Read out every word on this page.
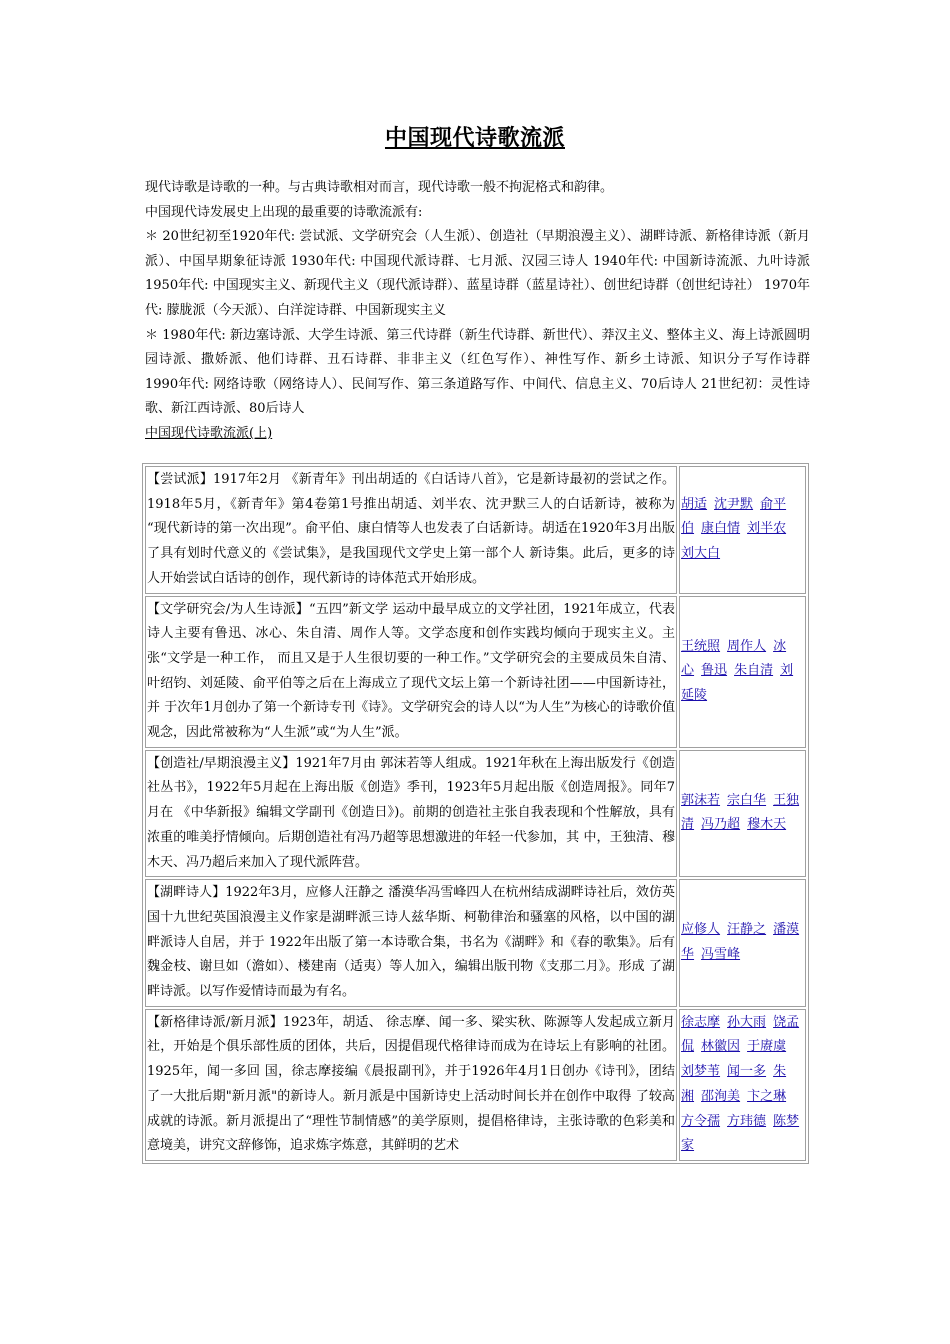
中国现代诗歌流派

现代诗歌是诗歌的一种。与古典诗歌相对而言，现代诗歌一般不拘泥格式和韵律。

中国现代诗发展史上出现的最重要的诗歌流派有:

＊ 20世纪初至1920年代: 尝试派、文学研究会（人生派）、创造社（早期浪漫主义）、湖畔诗派、新格律诗派（新月派）、中国早期象征诗派 1930年代: 中国现代派诗群、七月派、汉园三诗人 1940年代: 中国新诗流派、九叶诗派 1950年代: 中国现实主义、新现代主义（现代派诗群）、蓝星诗群（蓝星诗社）、创世纪诗群（创世纪诗社） 1970年代: 朦胧派（今天派）、白洋淀诗群、中国新现实主义

＊ 1980年代: 新边塞诗派、大学生诗派、第三代诗群（新生代诗群、新世代）、莽汉主义、整体主义、海上诗派圆明园诗派、撒娇派、他们诗群、丑石诗群、非非主义（红色写作）、神性写作、新乡土诗派、知识分子写作诗群　　1990年代: 网络诗歌（网络诗人）、民间写作、第三条道路写作、中间代、信息主义、70后诗人 21世纪初：灵性诗歌、新江西诗派、80后诗人

中国现代诗歌流派(上)

【尝试派】1917年2月 《新青年》刊出胡适的《白话诗八首》，它是新诗最初的尝试之作。1918年5月，《新青年》第4卷第1号推出胡适、刘半农、沈尹默三人的白话新诗，被称为 “现代新诗的第一次出现”。俞平伯、康白情等人也发表了白话新诗。胡适在1920年3月出版了具有划时代意义的《尝试集》，是我国现代文学史上第一部个人 新诗集。此后，更多的诗人开始尝试白话诗的创作，现代新诗的诗体范式开始形成。	胡适 沈尹默 俞平伯 康白情 刘半农刘大白
【文学研究会/为人生诗派】“五四”新文学 运动中最早成立的文学社团，1921年成立，代表诗人主要有鲁迅、冰心、朱自清、周作人等。文学态度和创作实践均倾向于现实主义。主张“文学是一种工作， 而且又是于人生很切要的一种工作。”文学研究会的主要成员朱自清、叶绍钧、刘延陵、俞平伯等之后在上海成立了现代文坛上第一个新诗社团——中国新诗社，并 于次年1月创办了第一个新诗专刊《诗》。文学研究会的诗人以“为人生”为核心的诗歌价值观念，因此常被称为“人生派”或“为人生”派。	王统照 周作人 冰心 鲁迅 朱自清 刘延陵
【创造社/早期浪漫主义】1921年7月由 郭沫若等人组成。1921年秋在上海出版发行《创造社丛书》，1922年5月起在上海出版《创造》季刊，1923年5月起出版《创造周报》。同年7月在 《中华新报》编辑文学副刊《创造日》)。前期的创造社主张自我表现和个性解放，具有浓重的唯美抒情倾向。后期创造社有冯乃超等思想激进的年轻一代参加，其 中，王独清、穆木天、冯乃超后来加入了现代派阵营。	郭沫若 宗白华 王独清 冯乃超 穆木天
【湖畔诗人】1922年3月，应修人汪静之 潘漠华冯雪峰四人在杭州结成湖畔诗社后，效仿英国十九世纪英国浪漫主义作家是湖畔派三诗人兹华斯、柯勒律治和骚塞的风格，以中国的湖畔派诗人自居，并于 1922年出版了第一本诗歌合集，书名为《湖畔》和《春的歌集》。后有魏金枝、谢旦如（澹如）、楼建南（适夷）等人加入，编辑出版刊物《支那二月》。形成 了湖畔诗派。以写作爱情诗而最为有名。	应修人 汪静之 潘漠华 冯雪峰
【新格律诗派/新月派】1923年，胡适、 徐志摩、闻一多、梁实秋、陈源等人发起成立新月社，开始是个俱乐部性质的团体，共后，因提倡现代格律诗而成为在诗坛上有影响的社团。1925年，闻一多回 国，徐志摩接编《晨报副刊》，并于1926年4月1日创办《诗刊》，团结了一大批后期"新月派"的新诗人。新月派是中国新诗史上活动时间长并在创作中取得 了较高成就的诗派。新月派提出了“理性节制情感”的美学原则，提倡格律诗，主张诗歌的色彩美和意境美，讲究文辞修饰，追求炼字炼意，其鲜明的艺术	徐志摩 孙大雨 饶孟侃 林徽因 于赓虞刘梦苇 闻一多 朱湘 邵洵美 卞之琳方令孺 方玮德 陈梦家
